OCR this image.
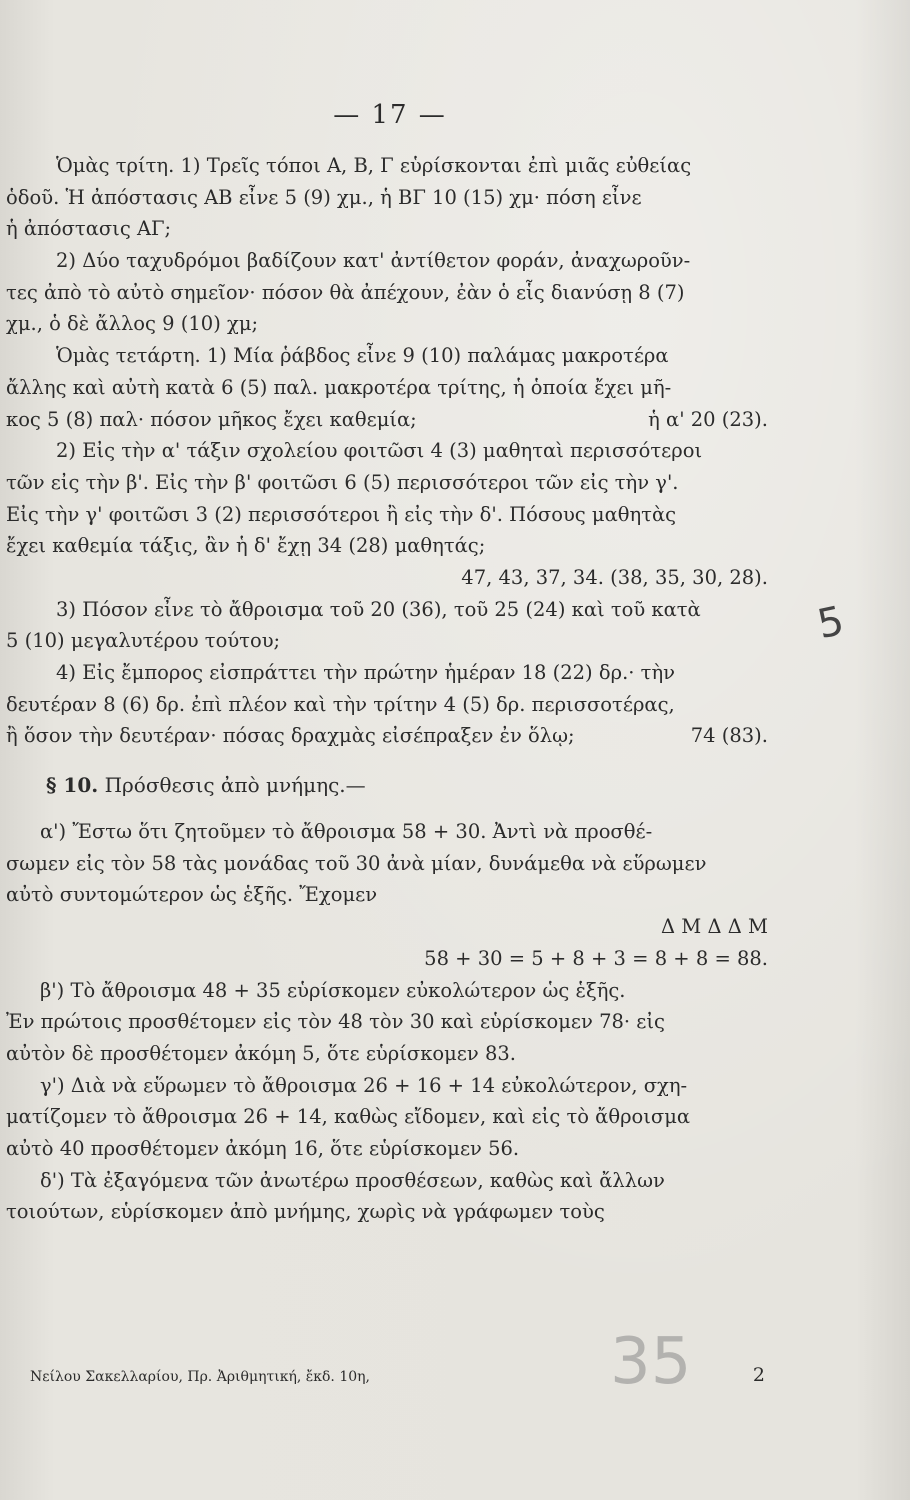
— 17 —
Ὁμὰς τρίτη. 1) Τρεῖς τόποι Α, Β, Γ εὑρίσκονται ἐπὶ μιᾶς εὐθείας
ὁδοῦ. Ἡ ἀπόστασις ΑΒ εἶνε 5 (9) χμ., ἡ ΒΓ 10 (15) χμ· πόση εἶνε
ἡ ἀπόστασις ΑΓ;
2) Δύο ταχυδρόμοι βαδίζουν κατ' ἀντίθετον φοράν, ἀναχωροῦν-
τες ἀπὸ τὸ αὐτὸ σημεῖον· πόσον θὰ ἀπέχουν, ἐὰν ὁ εἷς διανύσῃ 8 (7)
χμ., ὁ δὲ ἄλλος 9 (10) χμ;
Ὁμὰς τετάρτη. 1) Μία ῥάβδος εἶνε 9 (10) παλάμας μακροτέρα
ἄλλης καὶ αὐτὴ κατὰ 6 (5) παλ. μακροτέρα τρίτης, ἡ ὁποία ἔχει μῆ-
κος 5 (8) παλ· πόσον μῆκος ἔχει καθεμία;	ἡ α' 20 (23).
2) Εἰς τὴν α' τάξιν σχολείου φοιτῶσι 4 (3) μαθηταὶ περισσότεροι
τῶν εἰς τὴν β'. Εἰς τὴν β' φοιτῶσι 6 (5) περισσότεροι τῶν εἰς τὴν γ'.
Εἰς τὴν γ' φοιτῶσι 3 (2) περισσότεροι ἢ εἰς τὴν δ'. Πόσους μαθητὰς
ἔχει καθεμία τάξις, ἂν ἡ δ' ἔχῃ 34 (28) μαθητάς;
47, 43, 37, 34. (38, 35, 30, 28).
3) Πόσον εἶνε τὸ ἄθροισμα τοῦ 20 (36), τοῦ 25 (24) καὶ τοῦ κατὰ
5 (10) μεγαλυτέρου τούτου;
4) Εἰς ἔμπορος εἰσπράττει τὴν πρώτην ἡμέραν 18 (22) δρ.· τὴν
δευτέραν 8 (6) δρ. ἐπὶ πλέον καὶ τὴν τρίτην 4 (5) δρ. περισσοτέρας,
ἢ ὅσον τὴν δευτέραν· πόσας δραχμὰς εἰσέπραξεν ἐν ὅλῳ;	74 (83).
§ 10. Πρόσθεσις ἀπὸ μνήμης.—
α') Ἔστω ὅτι ζητοῦμεν τὸ ἄθροισμα 58 + 30. Ἀντὶ νὰ προσθέ-
σωμεν εἰς τὸν 58 τὰς μονάδας τοῦ 30 ἀνὰ μίαν, δυνάμεθα νὰ εὕρωμεν
αὐτὸ συντομώτερον ὡς ἑξῆς. Ἔχομεν
Δ Μ Δ Δ Μ
58 + 30 = 5 + 8 + 3 = 8 + 8 = 88.
β') Τὸ ἄθροισμα 48 + 35 εὑρίσκομεν εὐκολώτερον ὡς ἑξῆς.
Ἐν πρώτοις προσθέτομεν εἰς τὸν 48 τὸν 30 καὶ εὑρίσκομεν 78· εἰς
αὐτὸν δὲ προσθέτομεν ἀκόμη 5, ὅτε εὑρίσκομεν 83.
γ') Διὰ νὰ εὕρωμεν τὸ ἄθροισμα 26 + 16 + 14 εὐκολώτερον, σχη-
ματίζομεν τὸ ἄθροισμα 26 + 14, καθὼς εἴδομεν, καὶ εἰς τὸ ἄθροισμα
αὐτὸ 40 προσθέτομεν ἀκόμη 16, ὅτε εὑρίσκομεν 56.
δ') Τὰ ἐξαγόμενα τῶν ἀνωτέρω προσθέσεων, καθὼς καὶ ἄλλων
τοιούτων, εὑρίσκομεν ἀπὸ μνήμης, χωρὶς νὰ γράφωμεν τοὺς
5
35
Νείλου Σακελλαρίου, Πρ. Ἀριθμητική, ἔκδ. 10η,	2
